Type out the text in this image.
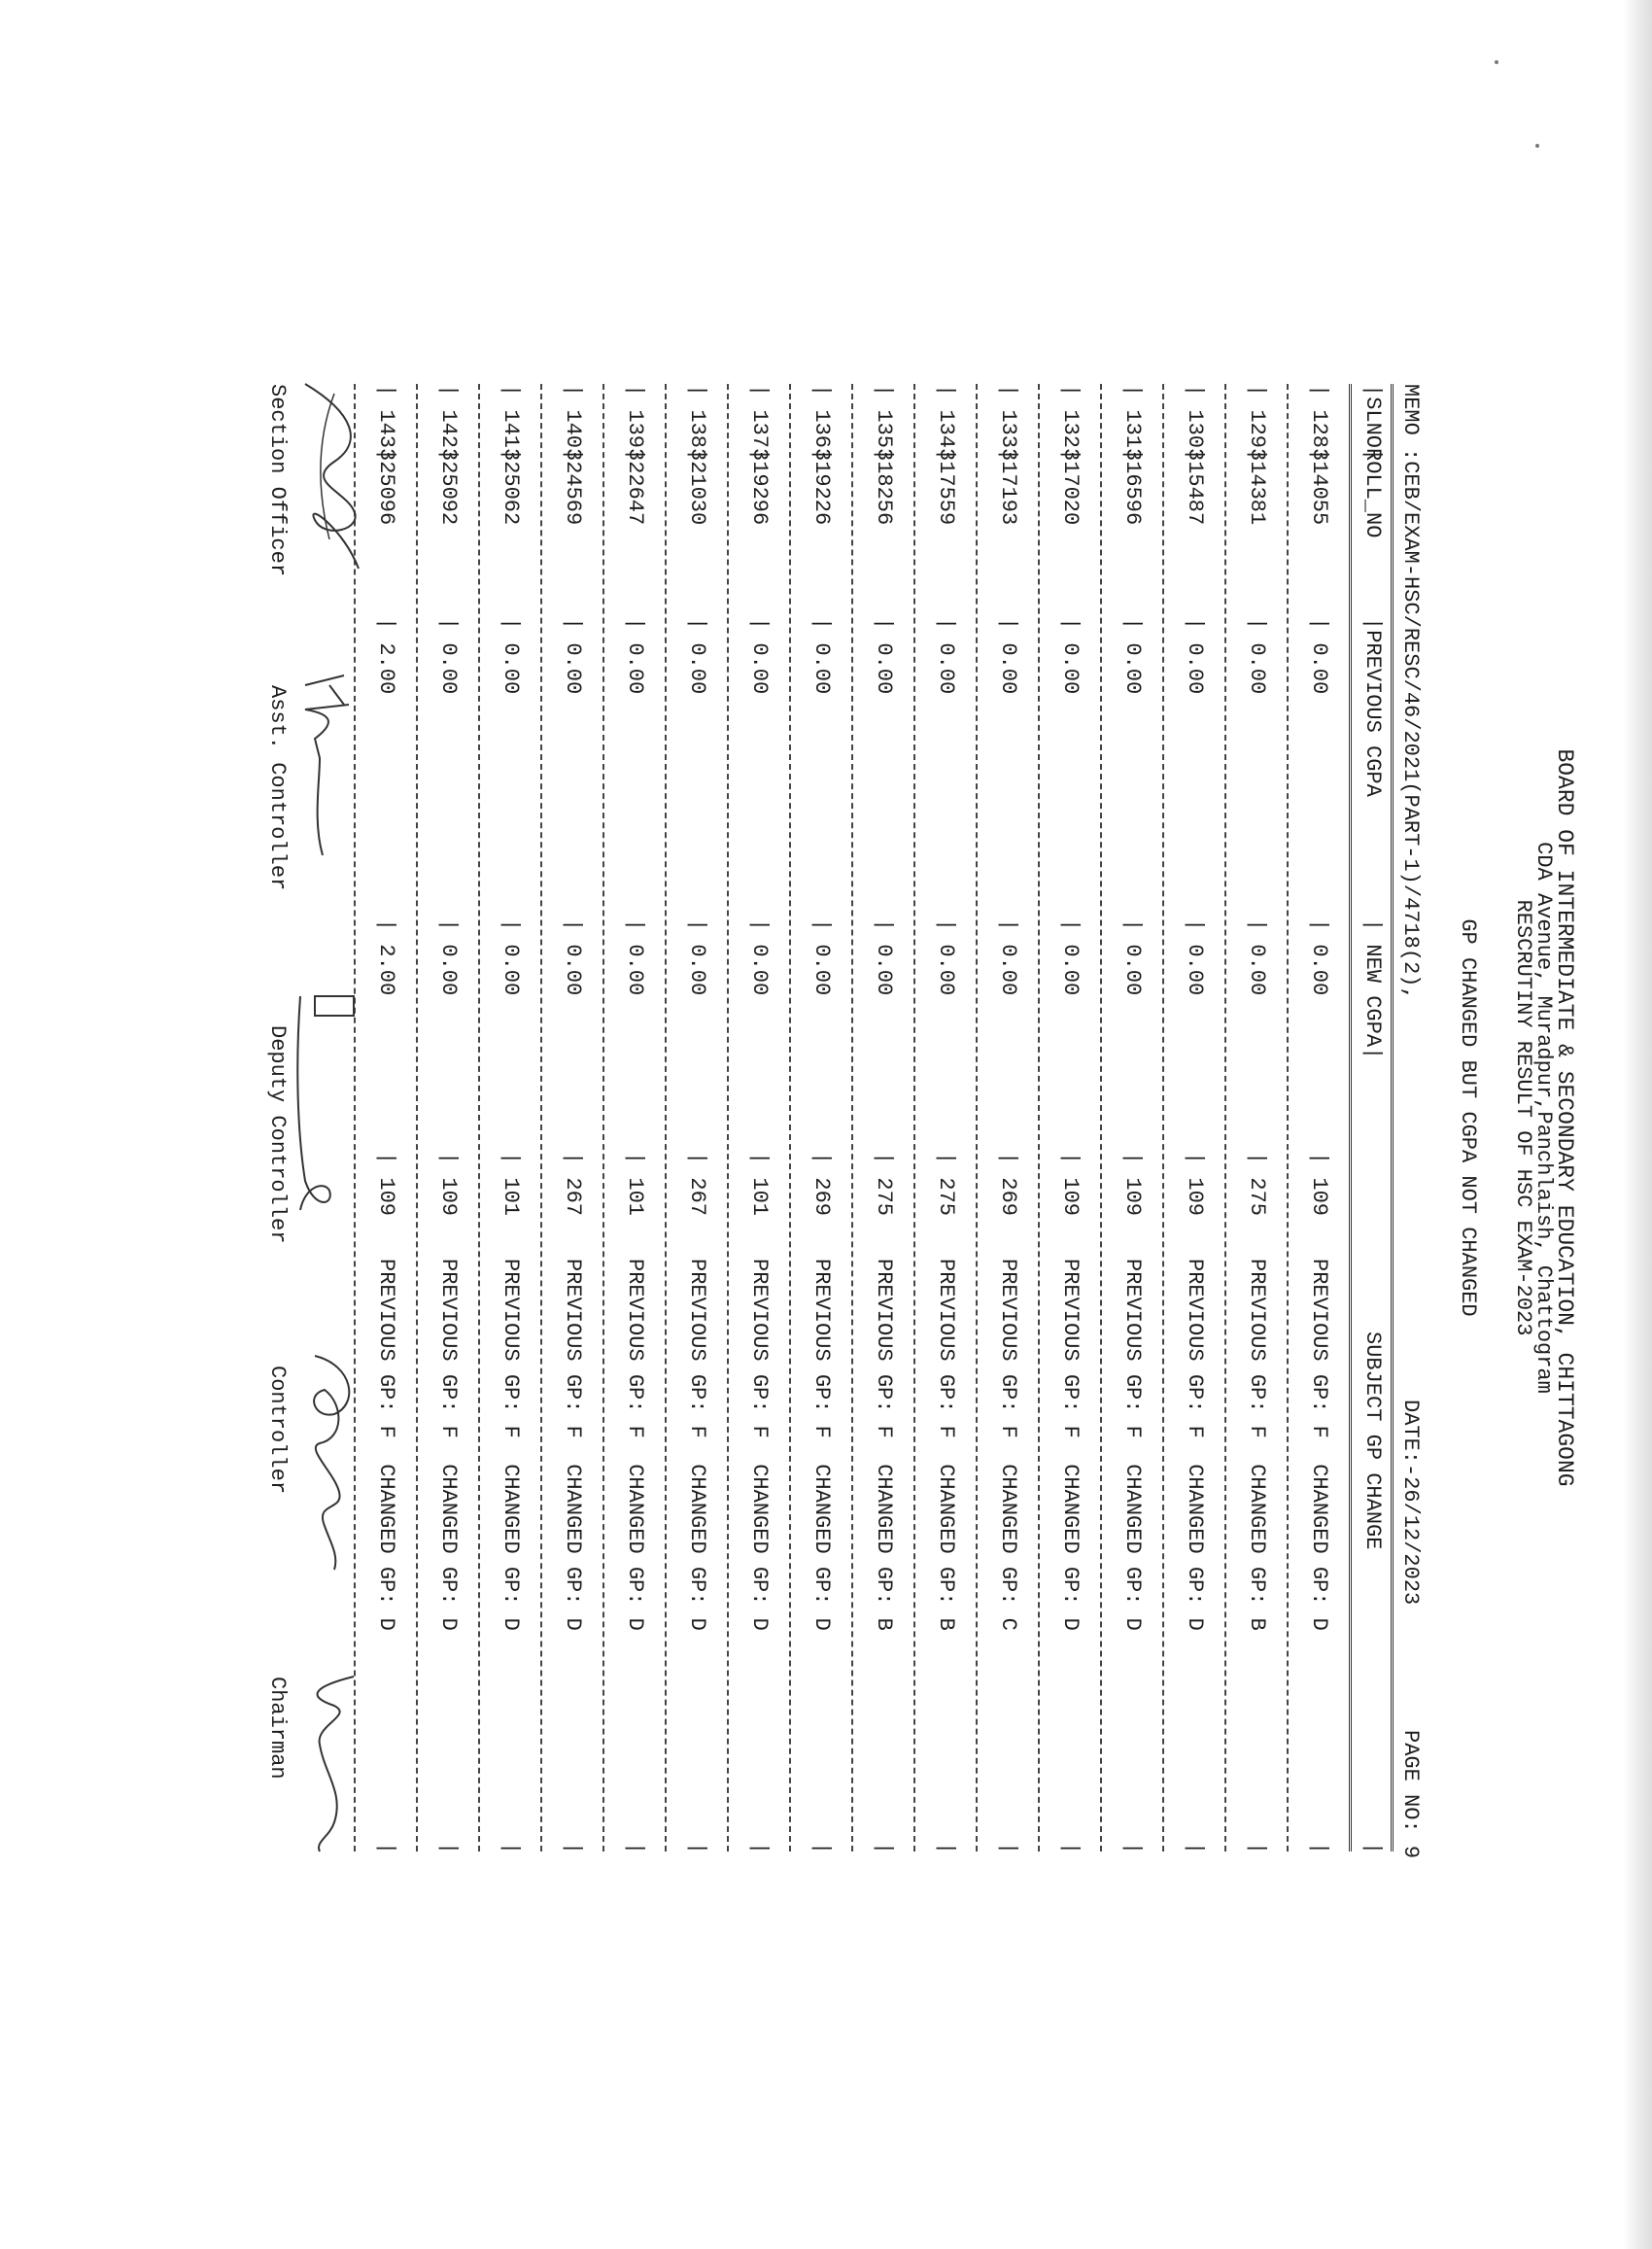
BOARD OF INTERMEDIATE & SECONDARY EDUCATION, CHITTAGONG
CDA Avenue, Muradpur,Panchlaish, Chattogram
RESCRUTINY RESULT OF HSC EXAM-2023
GP CHANGED BUT CGPA NOT CHANGED
MEMO :CEB/EXAM-HSC/RESC/46/2021(PART-1)/4718(2),
DATE:-26/12/2023
PAGE NO: 9
|SLNO|
ROLL_NO
|PREVIOUS CGPA
| NEW CGPA|
SUBJECT GP CHANGE
|
| 128|
314055
| 0.00
| 0.00
| 109
PREVIOUS GP: F  CHANGED GP: D
|
| 129|
314381
| 0.00
| 0.00
| 275
PREVIOUS GP: F  CHANGED GP: B
|
| 130|
315487
| 0.00
| 0.00
| 109
PREVIOUS GP: F  CHANGED GP: D
|
| 131|
316596
| 0.00
| 0.00
| 109
PREVIOUS GP: F  CHANGED GP: D
|
| 132|
317020
| 0.00
| 0.00
| 109
PREVIOUS GP: F  CHANGED GP: D
|
| 133|
317193
| 0.00
| 0.00
| 269
PREVIOUS GP: F  CHANGED GP: C
|
| 134|
317559
| 0.00
| 0.00
| 275
PREVIOUS GP: F  CHANGED GP: B
|
| 135|
318256
| 0.00
| 0.00
| 275
PREVIOUS GP: F  CHANGED GP: B
|
| 136|
319226
| 0.00
| 0.00
| 269
PREVIOUS GP: F  CHANGED GP: D
|
| 137|
319296
| 0.00
| 0.00
| 101
PREVIOUS GP: F  CHANGED GP: D
|
| 138|
321030
| 0.00
| 0.00
| 267
PREVIOUS GP: F  CHANGED GP: D
|
| 139|
322647
| 0.00
| 0.00
| 101
PREVIOUS GP: F  CHANGED GP: D
|
| 140|
324569
| 0.00
| 0.00
| 267
PREVIOUS GP: F  CHANGED GP: D
|
| 141|
325062
| 0.00
| 0.00
| 101
PREVIOUS GP: F  CHANGED GP: D
|
| 142|
325092
| 0.00
| 0.00
| 109
PREVIOUS GP: F  CHANGED GP: D
|
| 143|
325096
| 2.00
| 2.00
| 109
PREVIOUS GP: F  CHANGED GP: D
|
Section Officer
Asst. Controller
Deputy Controller
Controller
Chairman
